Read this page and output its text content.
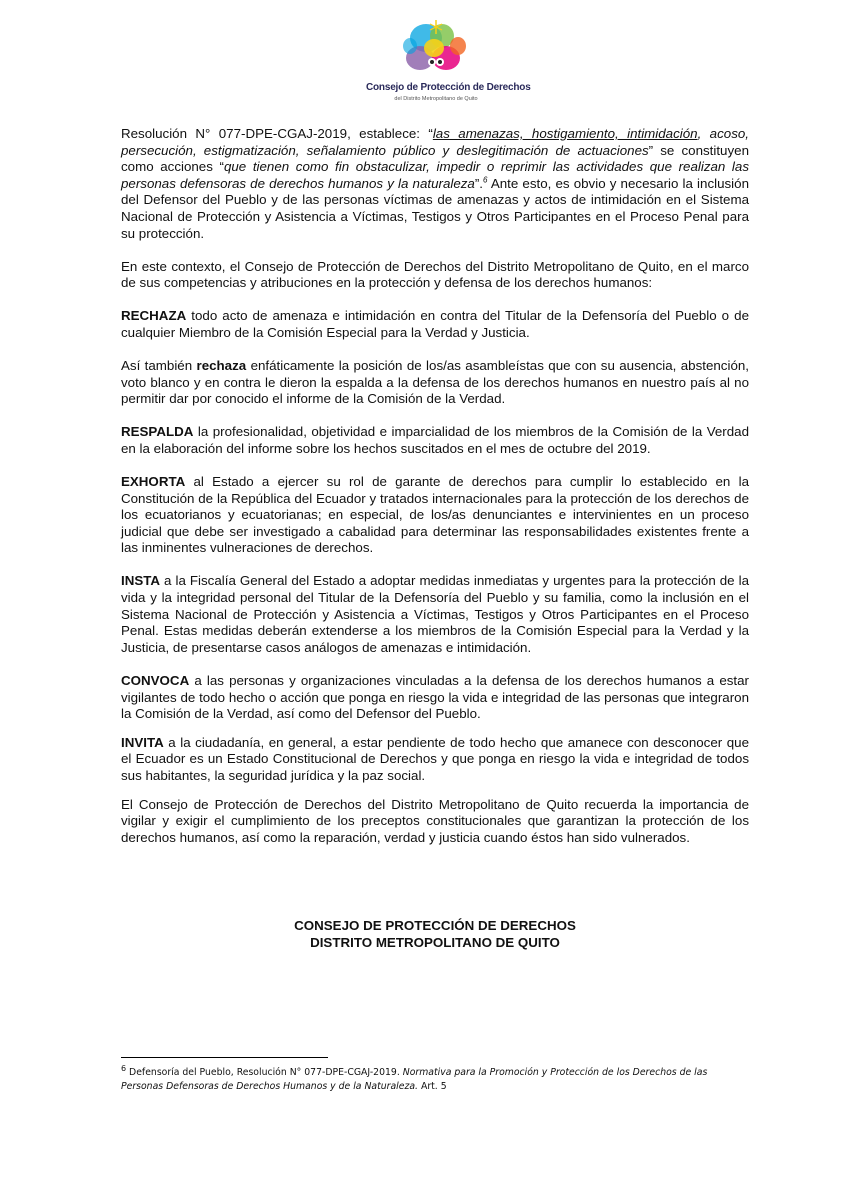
Consejo de Protección de Derechos
del Distrito Metropolitano de Quito

Resolución N° 077-DPE-CGAJ-2019, establece: “las amenazas, hostigamiento, intimidación, acoso, persecución, estigmatización, señalamiento público y deslegitimación de actuaciones” se constituyen como acciones “que tienen como fin obstaculizar, impedir o reprimir las actividades que realizan las personas defensoras de derechos humanos y la naturaleza”.$^6$ Ante esto, es obvio y necesario la inclusión del Defensor del Pueblo y de las personas víctimas de amenazas y actos de intimidación en el Sistema Nacional de Protección y Asistencia a Víctimas, Testigos y Otros Participantes en el Proceso Penal para su protección.

En este contexto, el Consejo de Protección de Derechos del Distrito Metropolitano de Quito, en el marco de sus competencias y atribuciones en la protección y defensa de los derechos humanos:

RECHAZA todo acto de amenaza e intimidación en contra del Titular de la Defensoría del Pueblo o de cualquier Miembro de la Comisión Especial para la Verdad y Justicia.

Así también rechaza enfáticamente la posición de los/as asambleístas que con su ausencia, abstención, voto blanco y en contra le dieron la espalda a la defensa de los derechos humanos en nuestro país al no permitir dar por conocido el informe de la Comisión de la Verdad.

RESPALDA la profesionalidad, objetividad e imparcialidad de los miembros de la Comisión de la Verdad en la elaboración del informe sobre los hechos suscitados en el mes de octubre del 2019.

EXHORTA al Estado a ejercer su rol de garante de derechos para cumplir lo establecido en la Constitución de la República del Ecuador y tratados internacionales para la protección de los derechos de los ecuatorianos y ecuatorianas; en especial, de los/as denunciantes e intervinientes en un proceso judicial que debe ser investigado a cabalidad para determinar las responsabilidades existentes frente a las inminentes vulneraciones de derechos.

INSTA a la Fiscalía General del Estado a adoptar medidas inmediatas y urgentes para la protección de la vida y la integridad personal del Titular de la Defensoría del Pueblo y su familia, como la inclusión en el Sistema Nacional de Protección y Asistencia a Víctimas, Testigos y Otros Participantes en el Proceso Penal. Estas medidas deberán extenderse a los miembros de la Comisión Especial para la Verdad y la Justicia, de presentarse casos análogos de amenazas e intimidación.

CONVOCA a las personas y organizaciones vinculadas a la defensa de los derechos humanos a estar vigilantes de todo hecho o acción que ponga en riesgo la vida e integridad de las personas que integraron la Comisión de la Verdad, así como del Defensor del Pueblo.

INVITA a la ciudadanía, en general, a estar pendiente de todo hecho que amanece con desconocer que el Ecuador es un Estado Constitucional de Derechos y que ponga en riesgo la vida e integridad de todos sus habitantes, la seguridad jurídica y la paz social.

El Consejo de Protección de Derechos del Distrito Metropolitano de Quito recuerda la importancia de vigilar y exigir el cumplimiento de los preceptos constitucionales que garantizan la protección de los derechos humanos, así como la reparación, verdad y justicia cuando éstos han sido vulnerados.

CONSEJO DE PROTECCIÓN DE DERECHOS
DISTRITO METROPOLITANO DE QUITO
$^6$ Defensoría del Pueblo, Resolución N° 077-DPE-CGAJ-2019. Normativa para la Promoción y Protección de los Derechos de las Personas Defensoras de Derechos Humanos y de la Naturaleza. Art. 5
